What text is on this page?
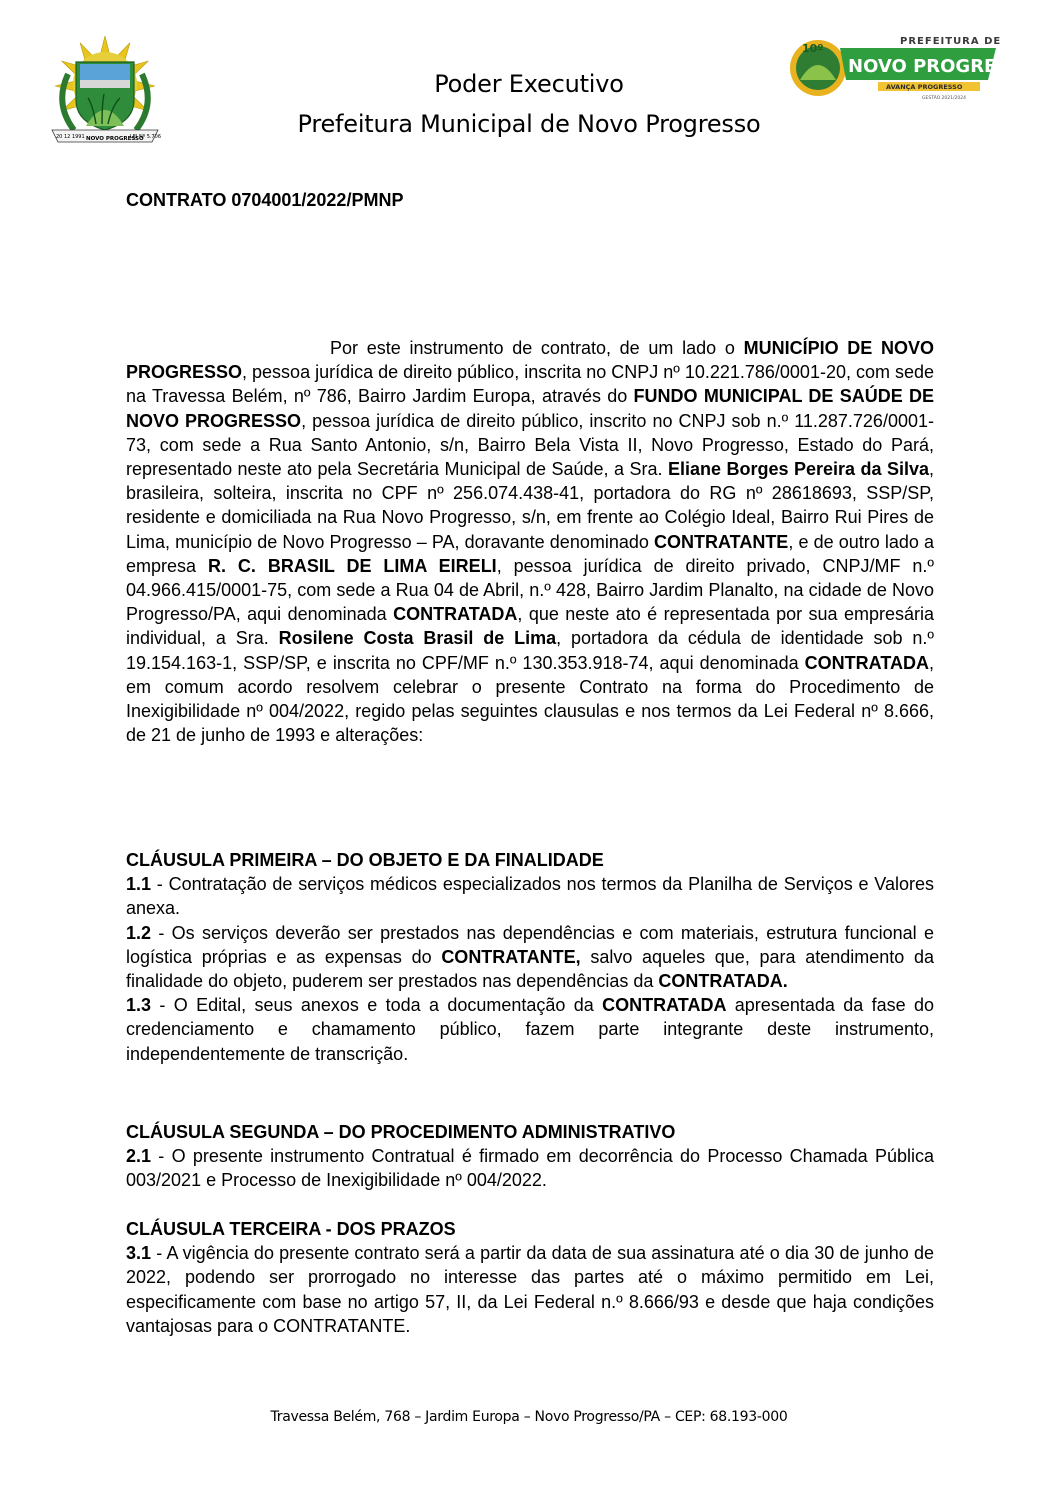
20 12 1991 NOVO PROGRESSO
LEI Nº 5.706
10º
PREFEITURA DE
NOVO PROGRESSO
AVANÇA PROGRESSO
GESTÃO 2021/2024
Poder Executivo
Prefeitura Municipal de Novo Progresso
CONTRATO 0704001/2022/PMNP
Por este instrumento de contrato, de um lado o MUNICÍPIO DE NOVO PROGRESSO, pessoa jurídica de direito público, inscrita no CNPJ nº 10.221.786/0001-20, com sede na Travessa Belém, nº 786, Bairro Jardim Europa, através do FUNDO MUNICIPAL DE SAÚDE DE NOVO PROGRESSO, pessoa jurídica de direito público, inscrito no CNPJ sob n.º 11.287.726/0001-73, com sede a Rua Santo Antonio, s/n, Bairro Bela Vista II, Novo Progresso, Estado do Pará, representado neste ato pela Secretária Municipal de Saúde, a Sra. Eliane Borges Pereira da Silva, brasileira, solteira, inscrita no CPF nº 256.074.438-41, portadora do RG nº 28618693, SSP/SP, residente e domiciliada na Rua Novo Progresso, s/n, em frente ao Colégio Ideal, Bairro Rui Pires de Lima, município de Novo Progresso – PA, doravante denominado CONTRATANTE, e de outro lado a empresa R. C. BRASIL DE LIMA EIRELI, pessoa jurídica de direito privado, CNPJ/MF n.º 04.966.415/0001-75, com sede a Rua 04 de Abril, n.º 428, Bairro Jardim Planalto, na cidade de Novo Progresso/PA, aqui denominada CONTRATADA, que neste ato é representada por sua empresária individual, a Sra. Rosilene Costa Brasil de Lima, portadora da cédula de identidade sob n.º 19.154.163-1, SSP/SP, e inscrita no CPF/MF n.º 130.353.918-74, aqui denominada CONTRATADA, em comum acordo resolvem celebrar o presente Contrato na forma do Procedimento de Inexigibilidade nº 004/2022, regido pelas seguintes clausulas e nos termos da Lei Federal nº 8.666, de 21 de junho de 1993 e alterações:

CLÁUSULA PRIMEIRA – DO OBJETO E DA FINALIDADE

1.1 - Contratação de serviços médicos especializados nos termos da Planilha de Serviços e Valores anexa.

1.2 - Os serviços deverão ser prestados nas dependências e com materiais, estrutura funcional e logística próprias e as expensas do CONTRATANTE, salvo aqueles que, para atendimento da finalidade do objeto, puderem ser prestados nas dependências da CONTRATADA.

1.3 - O Edital, seus anexos e toda a documentação da CONTRATADA apresentada da fase do credenciamento e chamamento público, fazem parte integrante deste instrumento, independentemente de transcrição.

CLÁUSULA SEGUNDA – DO PROCEDIMENTO ADMINISTRATIVO

2.1 - O presente instrumento Contratual é firmado em decorrência do Processo Chamada Pública 003/2021 e Processo de Inexigibilidade nº 004/2022.

CLÁUSULA TERCEIRA - DOS PRAZOS

3.1 - A vigência do presente contrato será a partir da data de sua assinatura até o dia 30 de junho de 2022, podendo ser prorrogado no interesse das partes até o máximo permitido em Lei, especificamente com base no artigo 57, II, da Lei Federal n.º 8.666/93 e desde que haja condições vantajosas para o CONTRATANTE.

Travessa Belém, 768 – Jardim Europa – Novo Progresso/PA – CEP: 68.193-000
